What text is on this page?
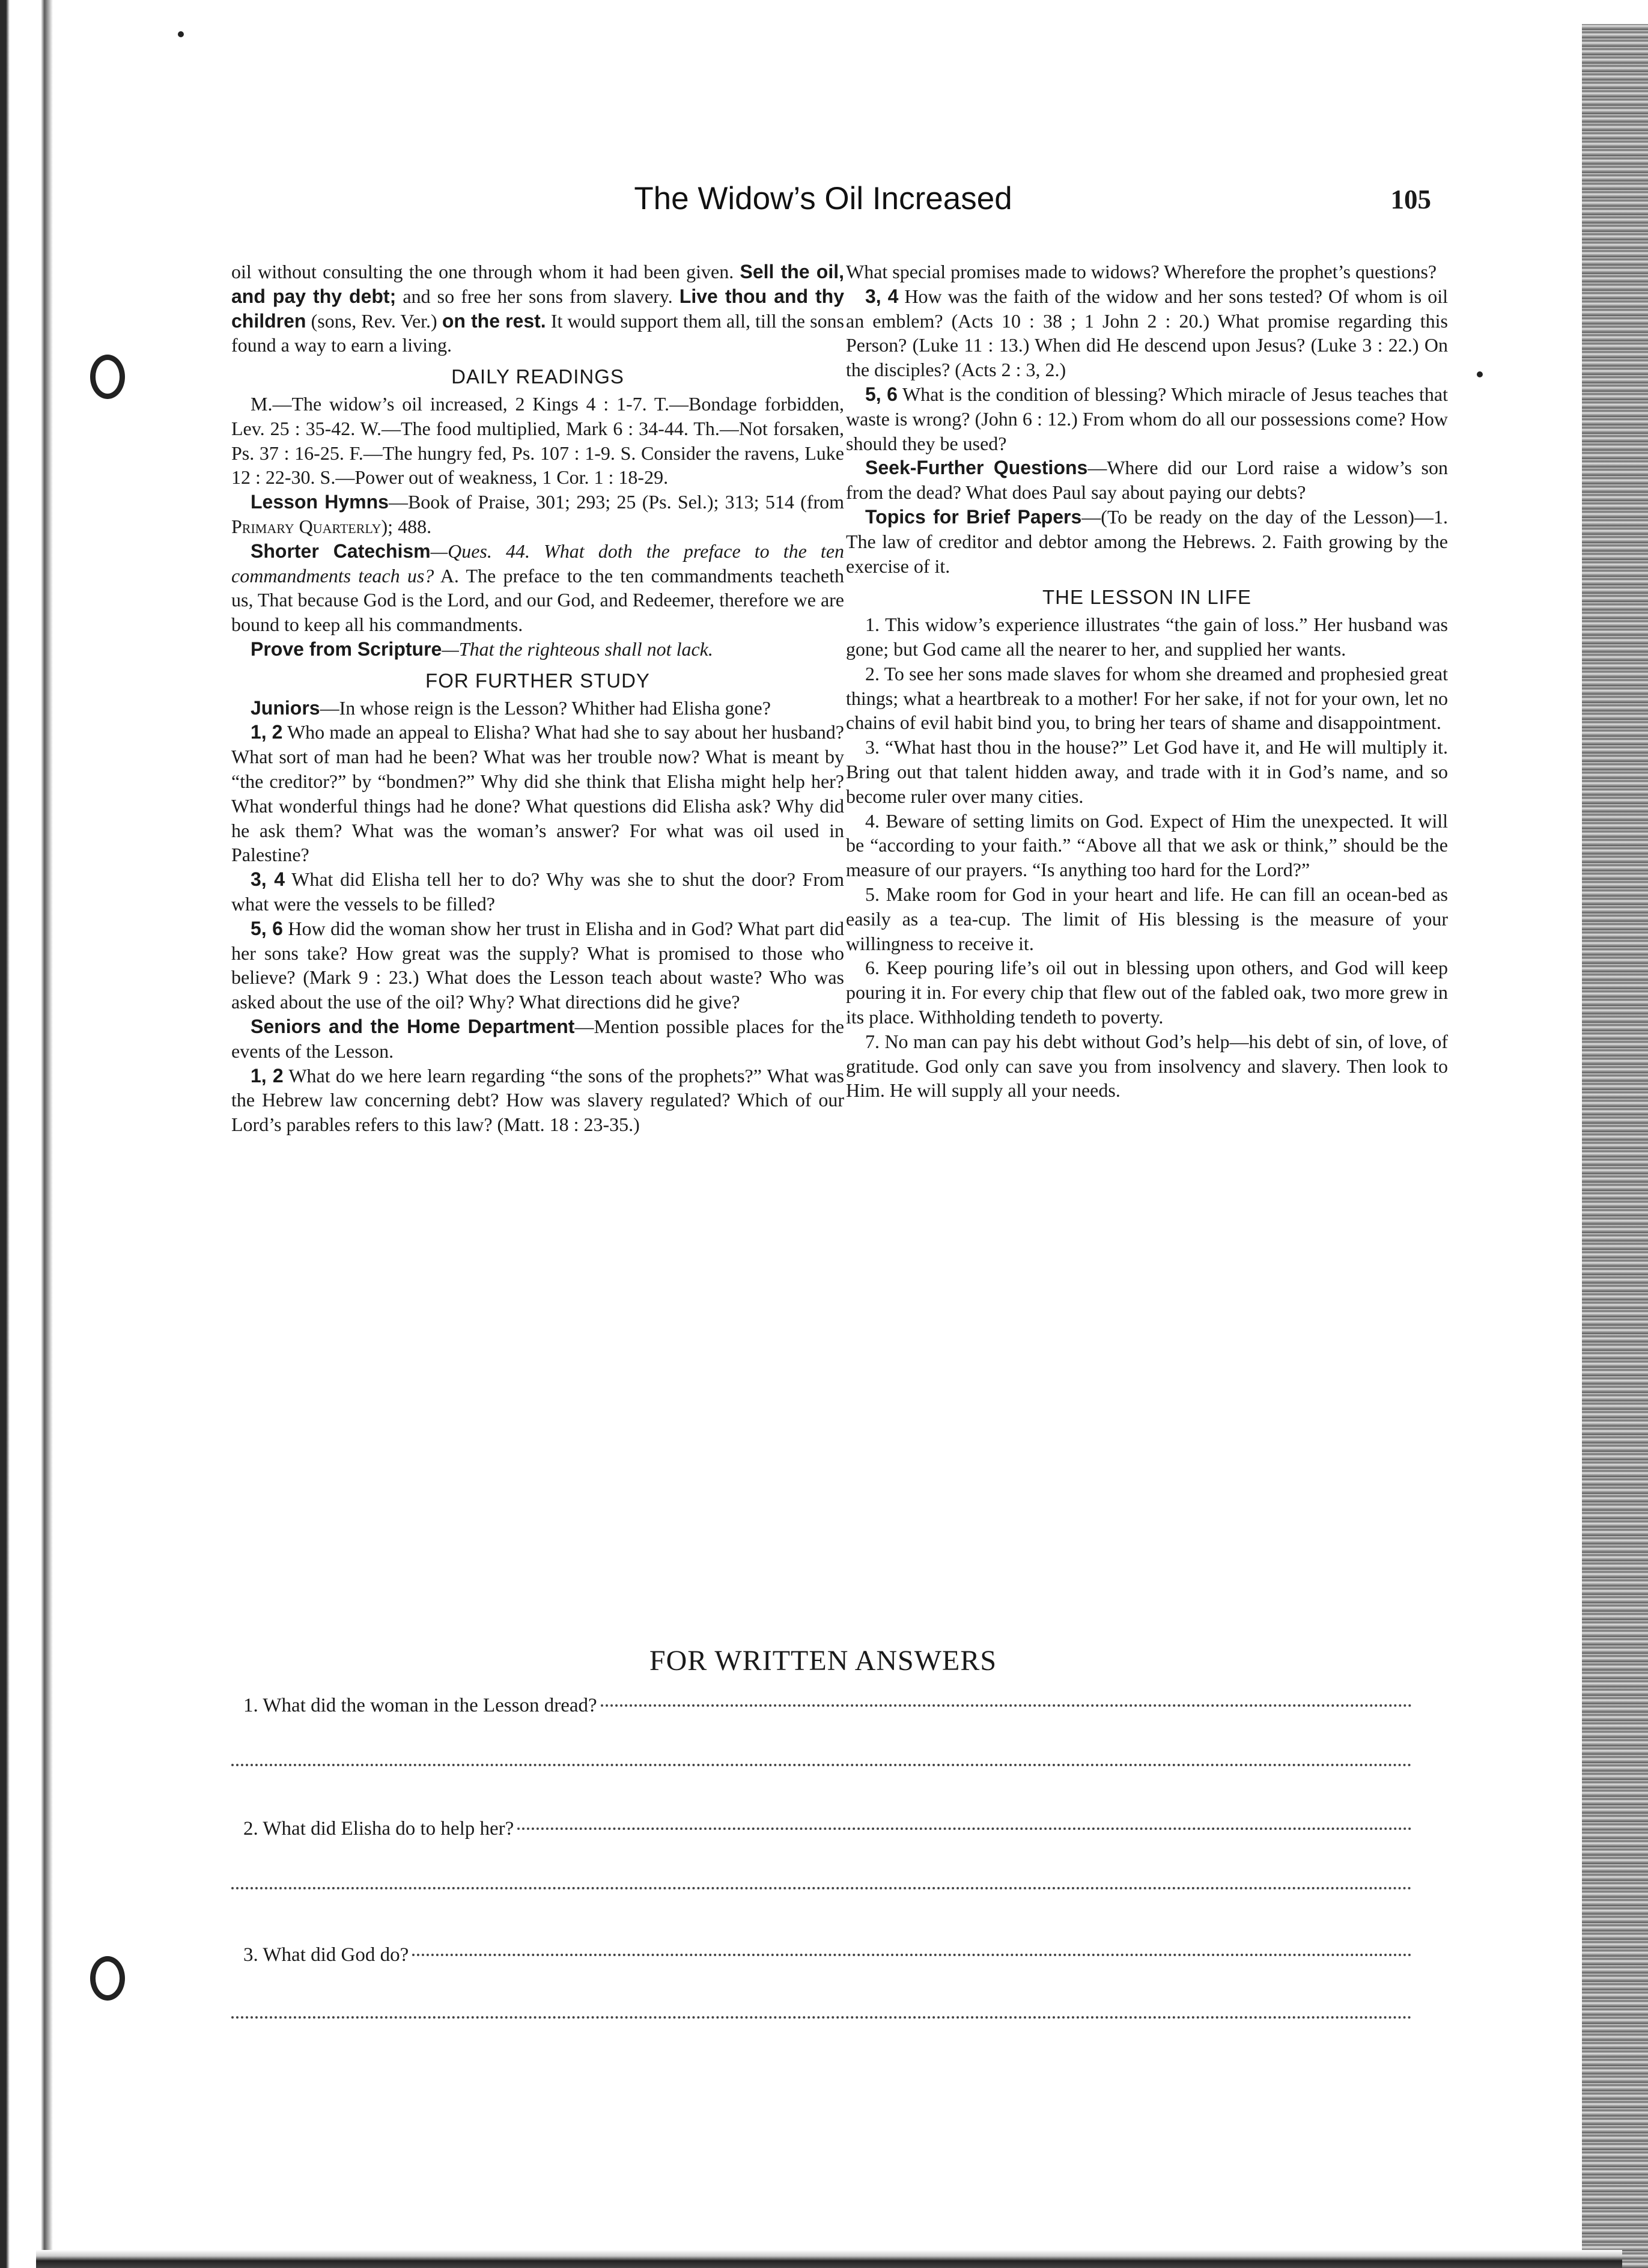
The Widow’s Oil Increased	105

oil without consulting the one through whom it had been given. Sell the oil, and pay thy debt; and so free her sons from slavery. Live thou and thy children (sons, Rev. Ver.) on the rest. It would support them all, till the sons found a way to earn a living.

DAILY READINGS

M.—The widow’s oil increased, 2 Kings 4 : 1-7. T.—Bondage forbidden, Lev. 25 : 35-42. W.—The food multiplied, Mark 6 : 34-44. Th.—Not forsaken, Ps. 37 : 16-25. F.—The hungry fed, Ps. 107 : 1-9. S. Consider the ravens, Luke 12 : 22-30. S.—Power out of weakness, 1 Cor. 1 : 18-29.

Lesson Hymns—Book of Praise, 301; 293; 25 (Ps. Sel.); 313; 514 (from Primary Quarterly); 488.

Shorter Catechism—Ques. 44. What doth the preface to the ten commandments teach us? A. The preface to the ten commandments teacheth us, That because God is the Lord, and our God, and Redeemer, therefore we are bound to keep all his commandments.

Prove from Scripture—That the righteous shall not lack.

FOR FURTHER STUDY

Juniors—In whose reign is the Lesson? Whither had Elisha gone?

1, 2 Who made an appeal to Elisha? What had she to say about her husband? What sort of man had he been? What was her trouble now? What is meant by “the creditor?” by “bondmen?” Why did she think that Elisha might help her? What wonderful things had he done? What questions did Elisha ask? Why did he ask them? What was the woman’s answer? For what was oil used in Palestine?

3, 4 What did Elisha tell her to do? Why was she to shut the door? From what were the vessels to be filled?

5, 6 How did the woman show her trust in Elisha and in God? What part did her sons take? How great was the supply? What is promised to those who believe? (Mark 9 : 23.) What does the Lesson teach about waste? Who was asked about the use of the oil? Why? What directions did he give?

Seniors and the Home Department—Mention possible places for the events of the Lesson.

1, 2 What do we here learn regarding “the sons of the prophets?” What was the Hebrew law concerning debt? How was slavery regulated? Which of our Lord’s parables refers to this law? (Matt. 18 : 23-35.)

What special promises made to widows? Wherefore the prophet’s questions?

3, 4 How was the faith of the widow and her sons tested? Of whom is oil an emblem? (Acts 10 : 38 ; 1 John 2 : 20.) What promise regarding this Person? (Luke 11 : 13.) When did He descend upon Jesus? (Luke 3 : 22.) On the disciples? (Acts 2 : 3, 2.)

5, 6 What is the condition of blessing? Which miracle of Jesus teaches that waste is wrong? (John 6 : 12.) From whom do all our possessions come? How should they be used?

Seek-Further Questions—Where did our Lord raise a widow’s son from the dead? What does Paul say about paying our debts?

Topics for Brief Papers—(To be ready on the day of the Lesson)—1. The law of creditor and debtor among the Hebrews. 2. Faith growing by the exercise of it.

THE LESSON IN LIFE

1. This widow’s experience illustrates “the gain of loss.” Her husband was gone; but God came all the nearer to her, and supplied her wants.

2. To see her sons made slaves for whom she dreamed and prophesied great things; what a heartbreak to a mother! For her sake, if not for your own, let no chains of evil habit bind you, to bring her tears of shame and disappointment.

3. “What hast thou in the house?” Let God have it, and He will multiply it. Bring out that talent hidden away, and trade with it in God’s name, and so become ruler over many cities.

4. Beware of setting limits on God. Expect of Him the unexpected. It will be “according to your faith.” “Above all that we ask or think,” should be the measure of our prayers. “Is anything too hard for the Lord?”

5. Make room for God in your heart and life. He can fill an ocean-bed as easily as a tea-cup. The limit of His blessing is the measure of your willingness to receive it.

6. Keep pouring life’s oil out in blessing upon others, and God will keep pouring it in. For every chip that flew out of the fabled oak, two more grew in its place. Withholding tendeth to poverty.

7. No man can pay his debt without God’s help—his debt of sin, of love, of gratitude. God only can save you from insolvency and slavery. Then look to Him. He will supply all your needs.

FOR WRITTEN ANSWERS
1. What did the woman in the Lesson dread?
2. What did Elisha do to help her?
3. What did God do?
